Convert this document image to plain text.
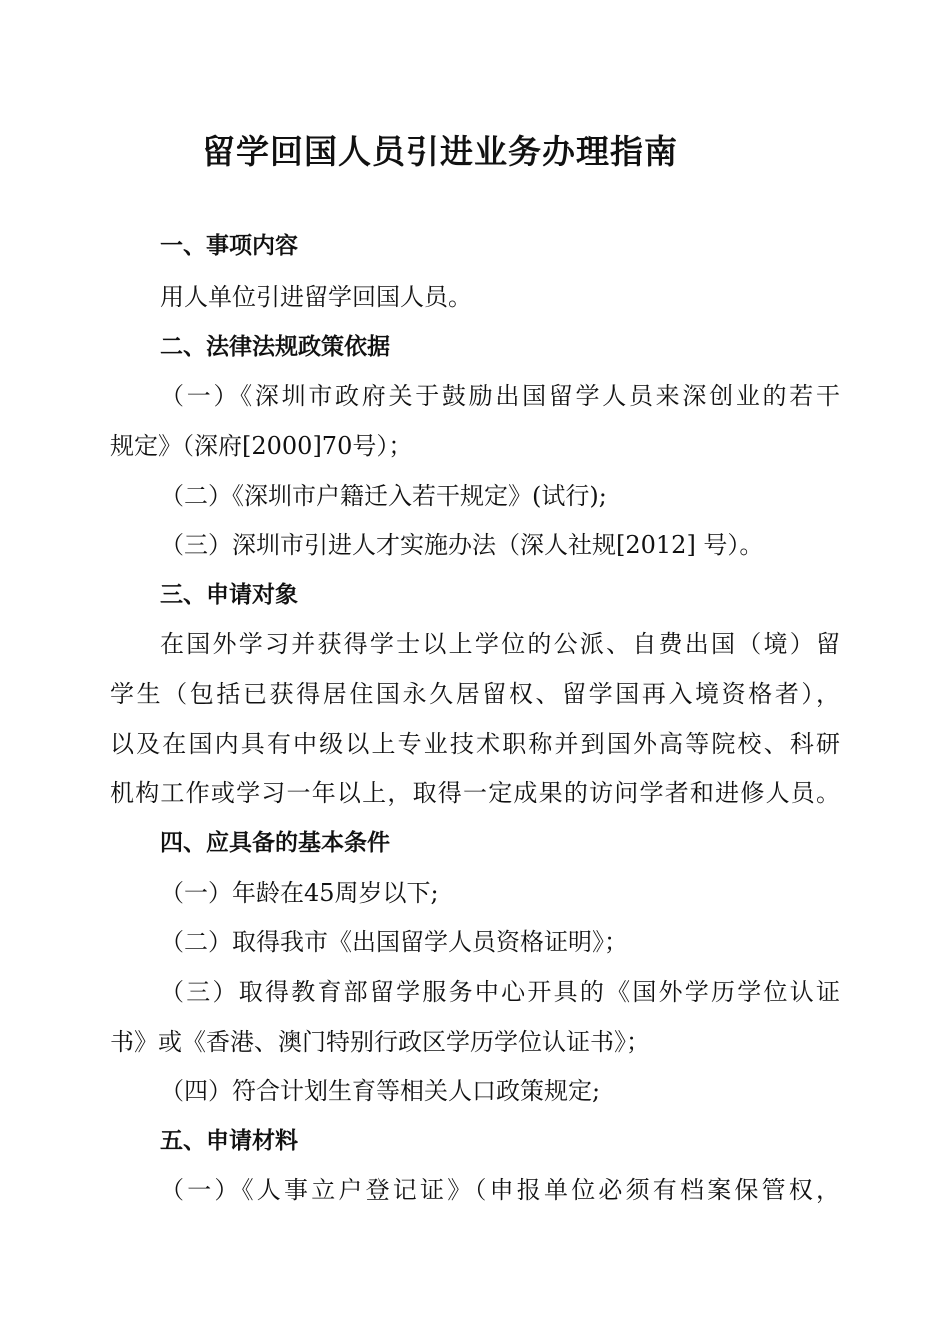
留学回国人员引进业务办理指南
一、事项内容
用人单位引进留学回国人员。
二、法律法规政策依据
（一）《深圳市政府关于鼓励出国留学人员来深创业的若干
规定》（深府[2000]70号）；
（二）《深圳市户籍迁入若干规定》(试行);
（三）深圳市引进人才实施办法（深人社规[2012] 号）。
三、申请对象
在国外学习并获得学士以上学位的公派、自费出国（境）留
学生（包括已获得居住国永久居留权、留学国再入境资格者），
以及在国内具有中级以上专业技术职称并到国外高等院校、科研
机构工作或学习一年以上，取得一定成果的访问学者和进修人员。
四、应具备的基本条件
（一）年龄在45周岁以下;
（二）取得我市《出国留学人员资格证明》；
（三）取得教育部留学服务中心开具的《国外学历学位认证
书》或《香港、澳门特别行政区学历学位认证书》；
（四）符合计划生育等相关人口政策规定;
五、申请材料
（一）《人事立户登记证》（申报单位必须有档案保管权，
